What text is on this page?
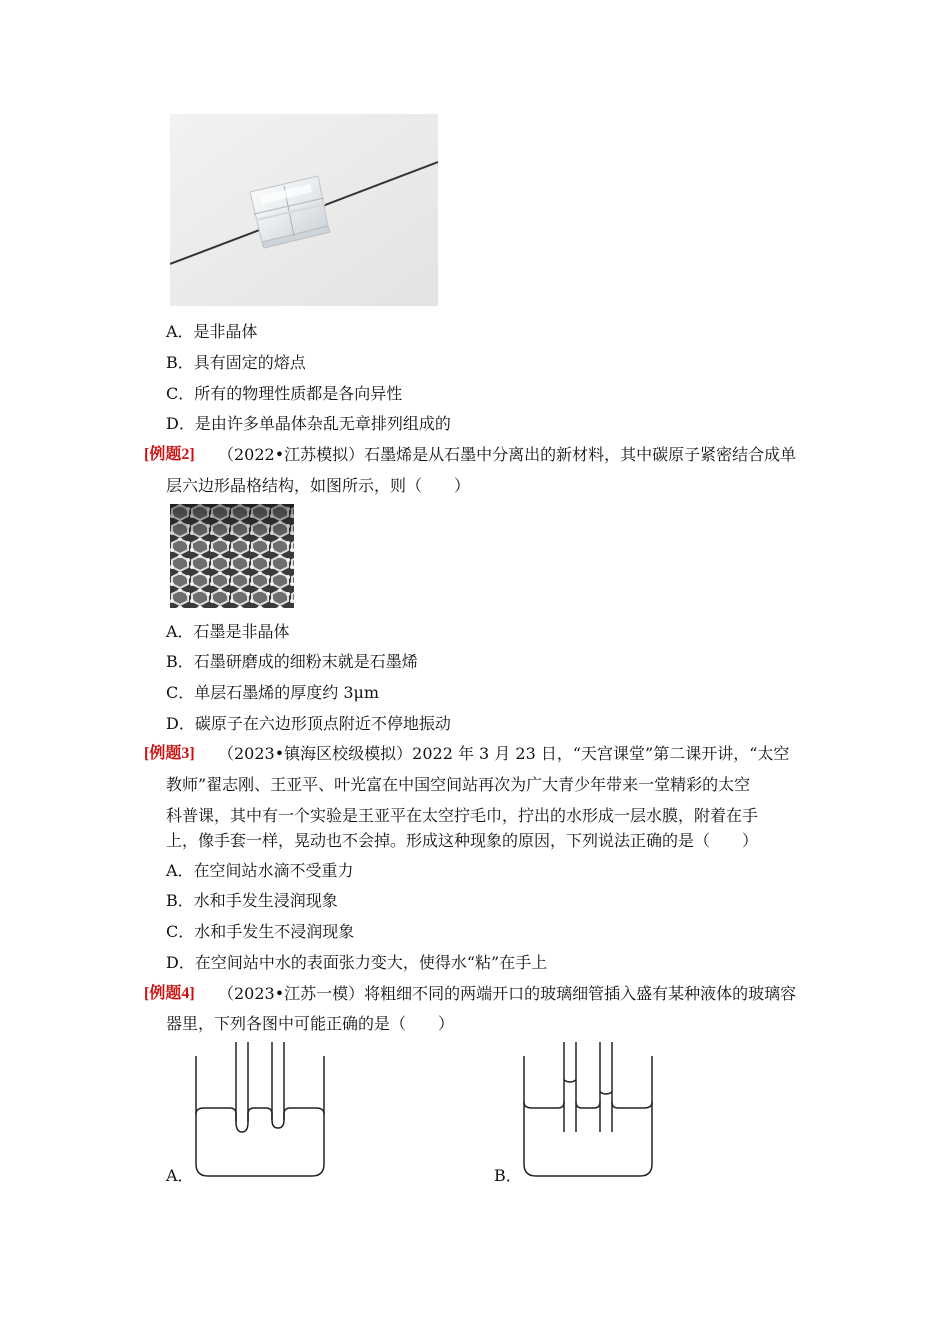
A．是非晶体
B．具有固定的熔点
C．所有的物理性质都是各向异性
D．是由许多单晶体杂乱无章排列组成的
[例题2] （2022•江苏模拟）石墨烯是从石墨中分离出的新材料，其中碳原子紧密结合成单
层六边形晶格结构，如图所示，则（　　）
A．石墨是非晶体
B．石墨研磨成的细粉末就是石墨烯
C．单层石墨烯的厚度约 3μm
D．碳原子在六边形顶点附近不停地振动
[例题3] （2023•镇海区校级模拟）2022 年 3 月 23 日，“天宫课堂”第二课开讲，“太空
教师”翟志刚、王亚平、叶光富在中国空间站再次为广大青少年带来一堂精彩的太空
科普课，其中有一个实验是王亚平在太空拧毛巾，拧出的水形成一层水膜，附着在手
上，像手套一样，晃动也不会掉。形成这种现象的原因，下列说法正确的是（　　）
A．在空间站水滴不受重力
B．水和手发生浸润现象
C．水和手发生不浸润现象
D．在空间站中水的表面张力变大，使得水“粘”在手上
[例题4] （2023•江苏一模）将粗细不同的两端开口的玻璃细管插入盛有某种液体的玻璃容
器里，下列各图中可能正确的是（　　）
A．	B．
